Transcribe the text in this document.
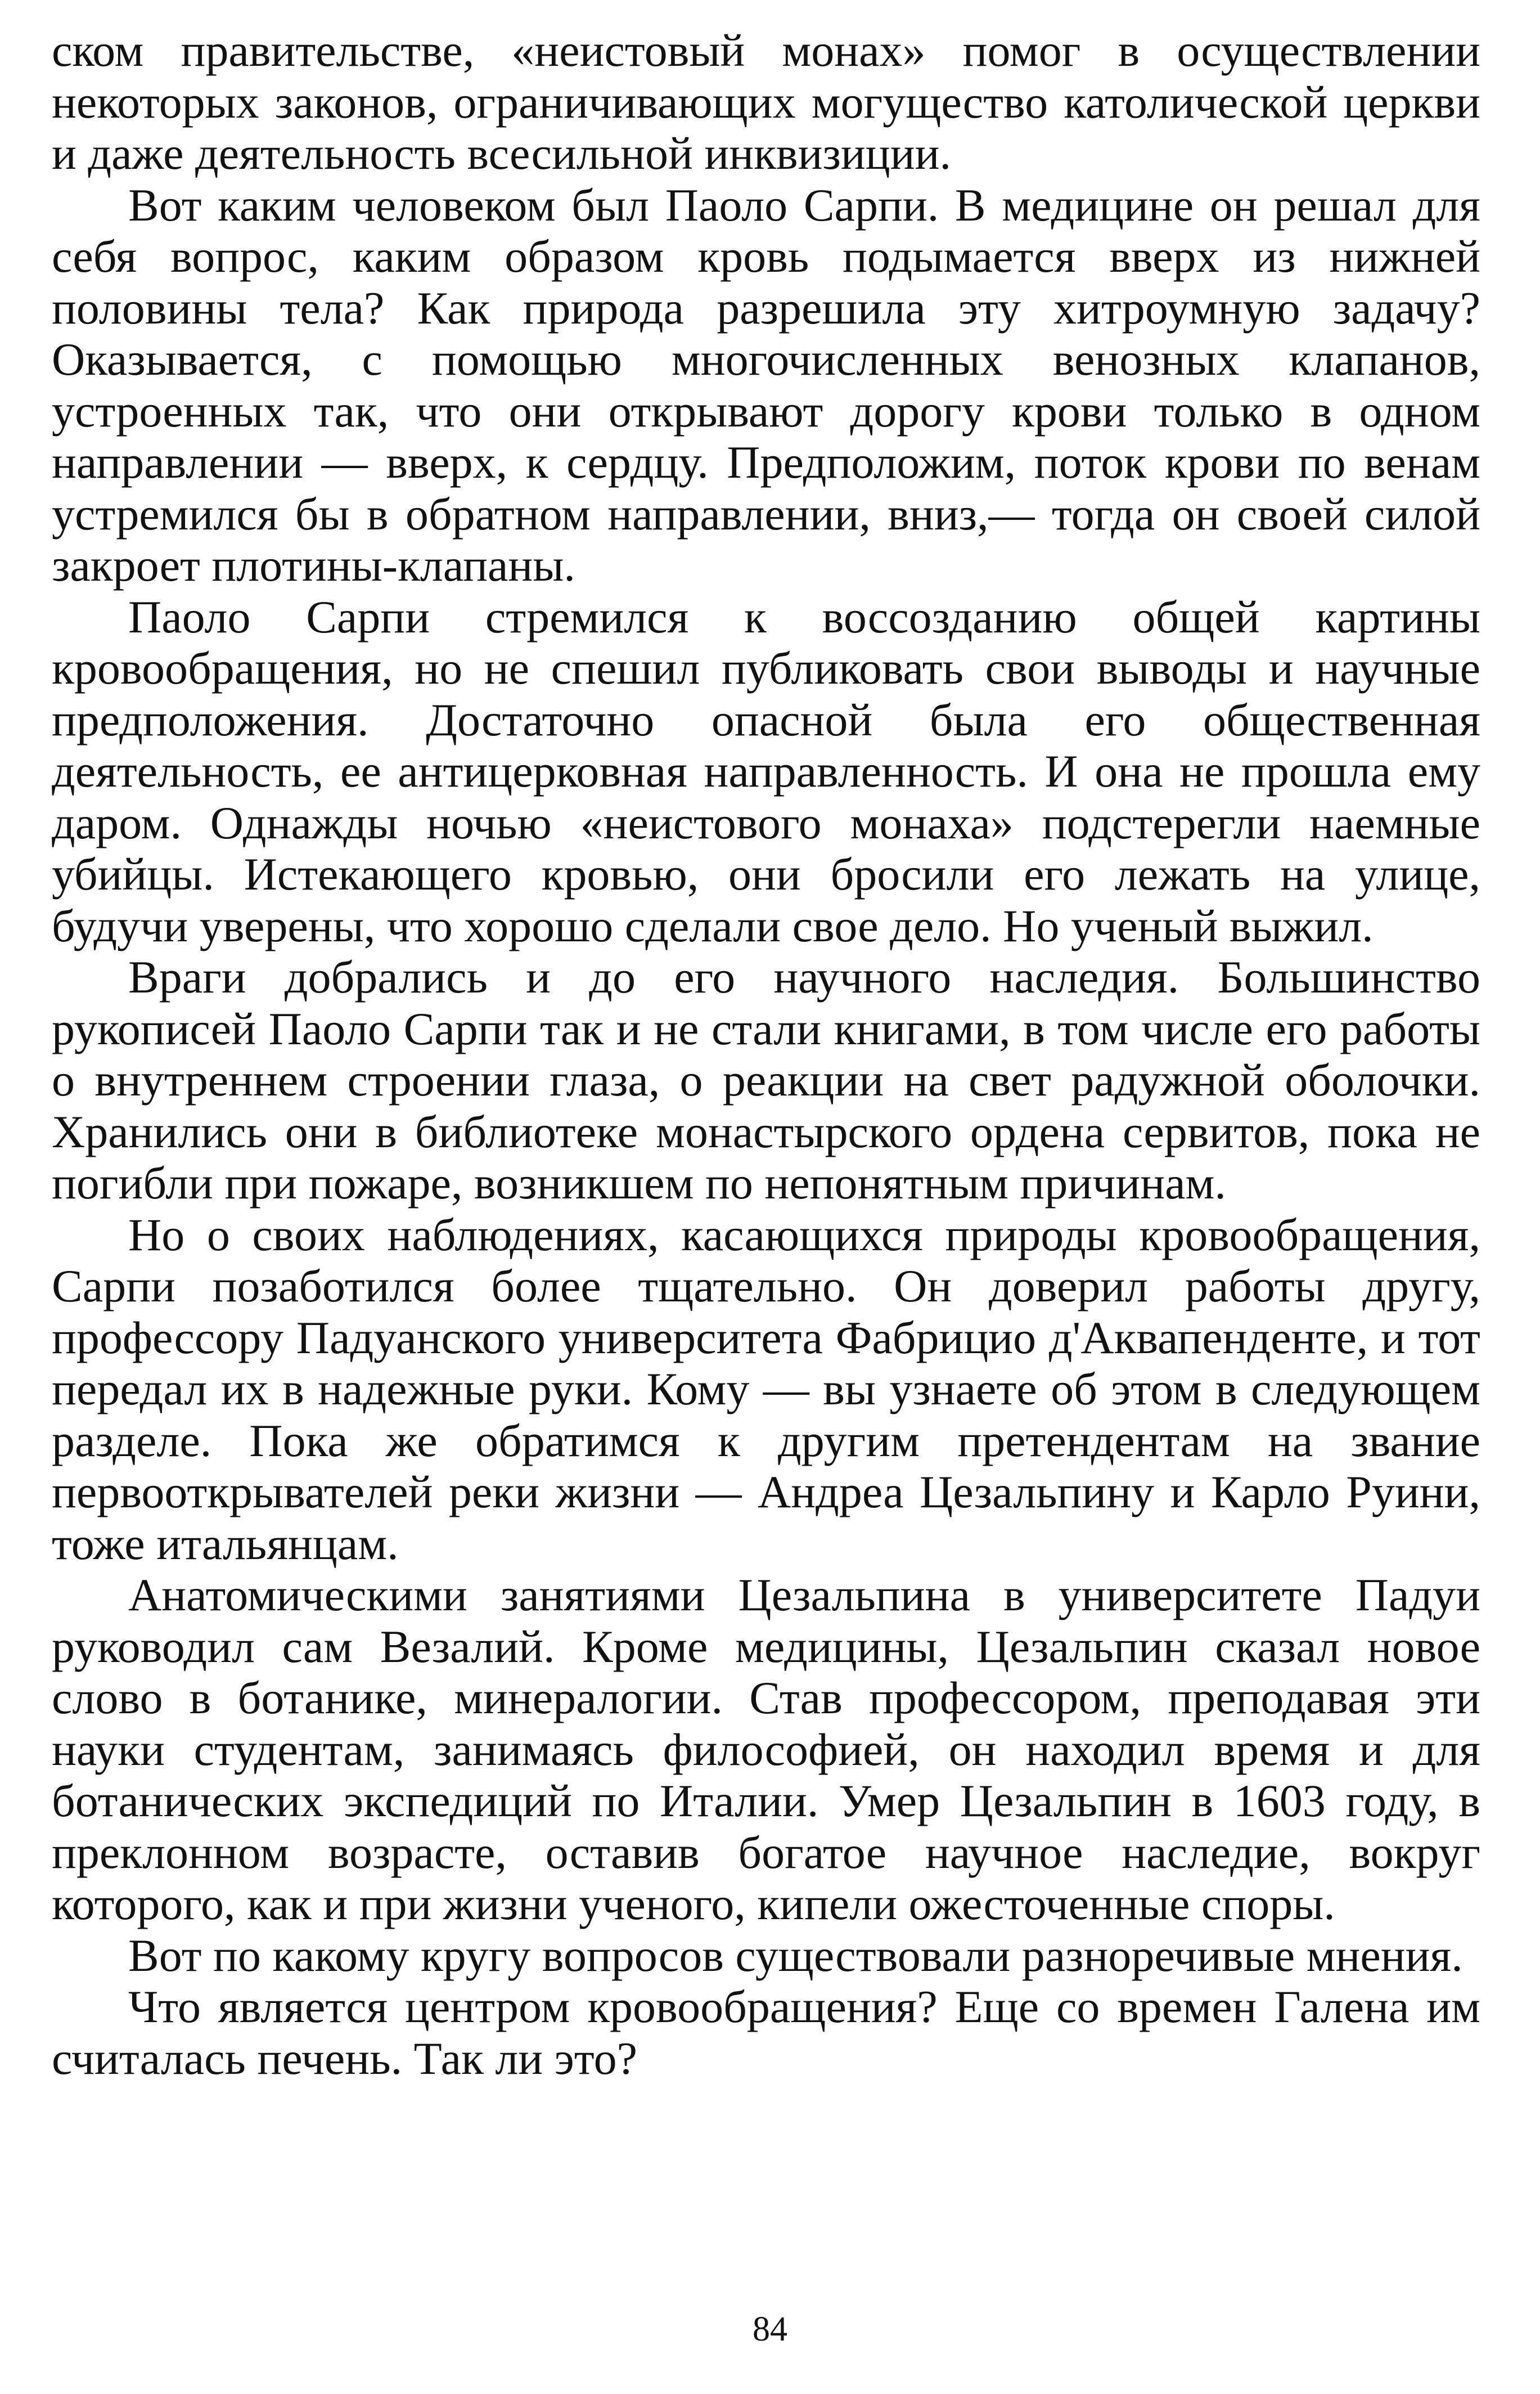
ском правительстве, «неистовый монах» помог в осуществлении некоторых законов, ограничивающих могущество католической церкви и даже деятельность всесильной инквизиции.

Вот каким человеком был Паоло Сарпи. В медицине он решал для себя вопрос, каким образом кровь подымается вверх из нижней половины тела? Как природа разрешила эту хитроумную задачу? Оказывается, с помощью многочисленных венозных клапанов, устроенных так, что они открывают дорогу крови только в одном направлении — вверх, к сердцу. Предположим, поток крови по венам устремился бы в обратном направлении, вниз,— тогда он своей силой закроет плотины-клапаны.

Паоло Сарпи стремился к воссозданию общей картины кровообращения, но не спешил публиковать свои выводы и научные предположения. Достаточно опасной была его общественная деятельность, ее антицерковная направленность. И она не прошла ему даром. Однажды ночью «неистового монаха» подстерегли наемные убийцы. Истекающего кровью, они бросили его лежать на улице, будучи уверены, что хорошо сделали свое дело. Но ученый выжил.

Враги добрались и до его научного наследия. Большинство рукописей Паоло Сарпи так и не стали книгами, в том числе его работы о внутреннем строении глаза, о реакции на свет радужной оболочки. Хранились они в библиотеке монастырского ордена сервитов, пока не погибли при пожаре, возникшем по непонятным причинам.

Но о своих наблюдениях, касающихся природы кровообращения, Сарпи позаботился более тщательно. Он доверил работы другу, профессору Падуанского университета Фабрицио д'Аквапенденте, и тот передал их в надежные руки. Кому — вы узнаете об этом в следующем разделе. Пока же обратимся к другим претендентам на звание первооткрывателей реки жизни — Андреа Цезальпину и Карло Руини, тоже итальянцам.

Анатомическими занятиями Цезальпина в университете Падуи руководил сам Везалий. Кроме медицины, Цезальпин сказал новое слово в ботанике, минералогии. Став профессором, преподавая эти науки студентам, занимаясь философией, он находил время и для ботанических экспедиций по Италии. Умер Цезальпин в 1603 году, в преклонном возрасте, оставив богатое научное наследие, вокруг которого, как и при жизни ученого, кипели ожесточенные споры.

Вот по какому кругу вопросов существовали разноречивые мнения.

Что является центром кровообращения? Еще со времен Галена им считалась печень. Так ли это?

84
